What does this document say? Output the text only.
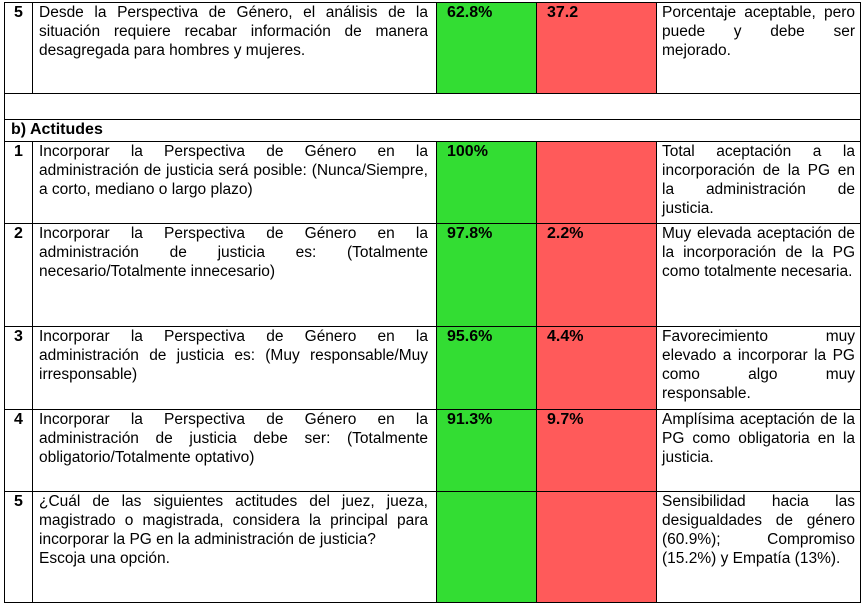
5	Desde la Perspectiva de Género, el análisis de la situación requiere recabar información de manera desagregada para hombres y mujeres.	62.8%	37.2	Porcentaje aceptable, pero puede y debe ser mejorado.

b) Actitudes				
1	Incorporar la Perspectiva de Género en la administración de justicia será posible: (Nunca/Siempre, a corto, mediano o largo plazo)	100%		Total aceptación a la incorporación de la PG en la administración de justicia.
2	Incorporar la Perspectiva de Género en la administración de justicia es: (Totalmente necesario/Totalmente innecesario)	97.8%	2.2%	Muy elevada aceptación de la incorporación de la PG como totalmente necesaria.
3	Incorporar la Perspectiva de Género en la administración de justicia es: (Muy responsable/Muy irresponsable)	95.6%	4.4%	Favorecimiento muy elevado a incorporar la PG como algo muy responsable.
4	Incorporar la Perspectiva de Género en la administración de justicia debe ser: (Totalmente obligatorio/Totalmente optativo)	91.3%	9.7%	Amplísima aceptación de la PG como obligatoria en la justicia.
5	¿Cuál de las siguientes actitudes del juez, jueza, magistrado o magistrada, considera la principal para incorporar la PG en la administración de justicia?
Escoja una opción.			Sensibilidad hacia las desigualdades de género (60.9%); Compromiso (15.2%) y Empatía (13%).
